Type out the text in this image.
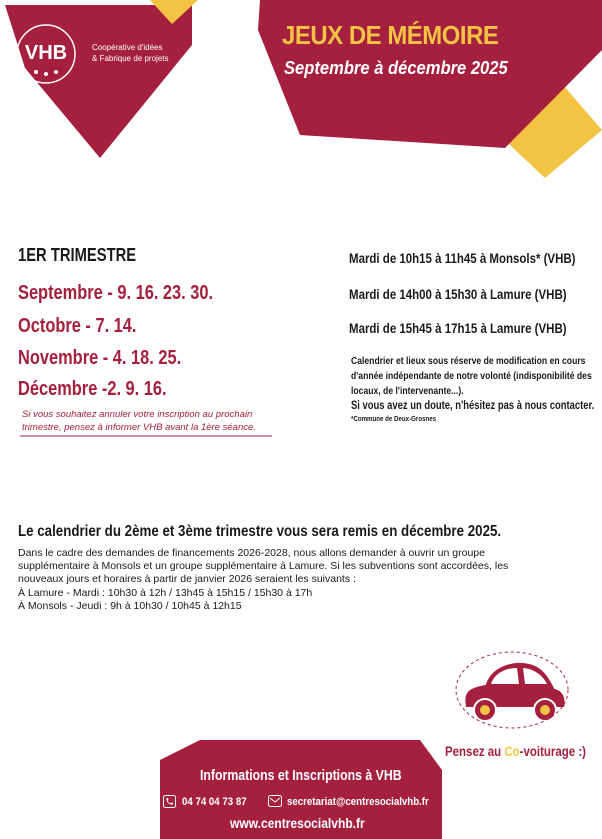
VHB	Coopérative d'idées
& Fabrique de projets
JEUX DE MÉMOIRE
Septembre à décembre 2025
1ER TRIMESTRE
Septembre - 9. 16. 23. 30.
Octobre - 7. 14.
Novembre - 4. 18. 25.
Décembre -2. 9. 16.
Si vous souhaitez annuler votre inscription au prochain
trimestre, pensez à informer VHB avant la 1ère séance.
Mardi de 10h15 à 11h45 à Monsols* (VHB)
Mardi de 14h00 à 15h30 à Lamure (VHB)
Mardi de 15h45 à 17h15 à Lamure (VHB)
Calendrier et lieux sous réserve de modification en cours
d'année indépendante de notre volonté (indisponibilité des
locaux, de l'intervenante...).
Si vous avez un doute, n'hésitez pas à nous contacter.
*Commune de Deux-Grosnes
Le calendrier du 2ème et 3ème trimestre vous sera remis en décembre 2025.
Dans le cadre des demandes de financements 2026-2028, nous allons demander à ouvrir un groupe
supplémentaire à Monsols et un groupe supplémentaire à Lamure. Si les subventions sont accordées, les
nouveaux jours et horaires à partir de janvier 2026 seraient les suivants :
À Lamure - Mardi : 10h30 à 12h / 13h45 à 15h15 / 15h30 à 17h
À Monsols - Jeudi : 9h à 10h30 / 10h45 à 12h15
Pensez au Co-voiturage :)
Informations et Inscriptions à VHB
04 74 04 73 87	secretariat@centresocialvhb.fr
www.centresocialvhb.fr
